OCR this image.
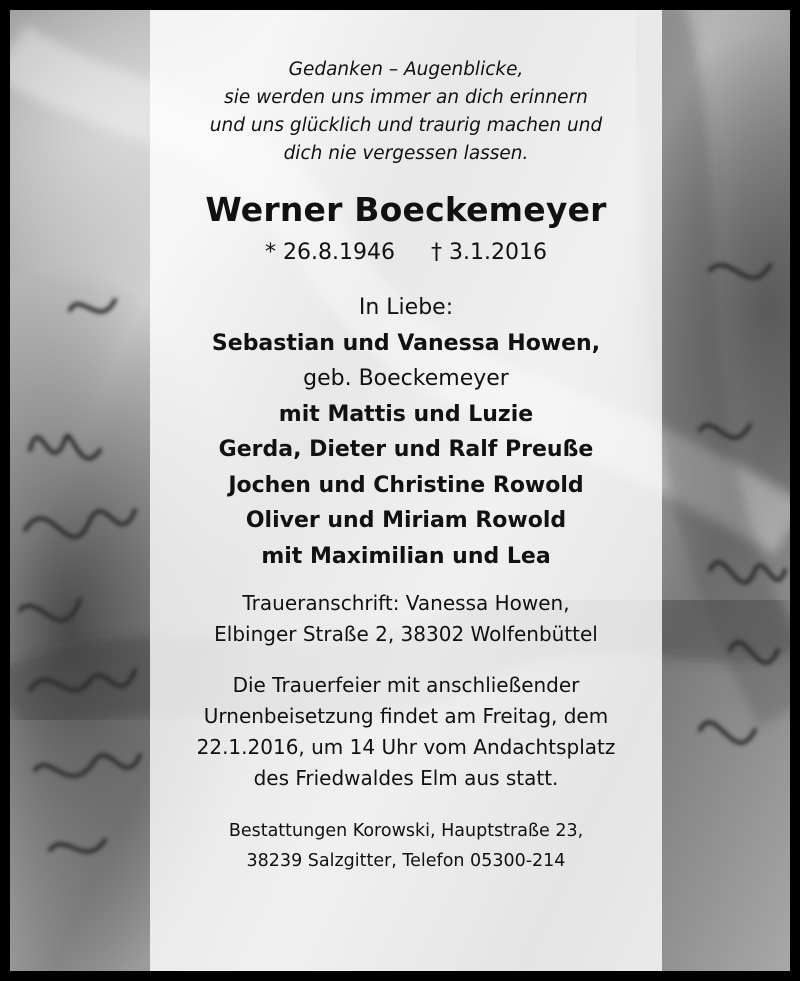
Gedanken – Augenblicke,
sie werden uns immer an dich erinnern
und uns glücklich und traurig machen und
dich nie vergessen lassen.
Werner Boeckemeyer
* 26.8.1946 † 3.1.2016
In Liebe:
Sebastian und Vanessa Howen,
geb. Boeckemeyer
mit Mattis und Luzie
Gerda, Dieter und Ralf Preuße
Jochen und Christine Rowold
Oliver und Miriam Rowold
mit Maximilian und Lea
Traueranschrift: Vanessa Howen,
Elbinger Straße 2, 38302 Wolfenbüttel
Die Trauerfeier mit anschließender
Urnenbeisetzung findet am Freitag, dem
22.1.2016, um 14 Uhr vom Andachtsplatz
des Friedwaldes Elm aus statt.
Bestattungen Korowski, Hauptstraße 23,
38239 Salzgitter, Telefon 05300-214
